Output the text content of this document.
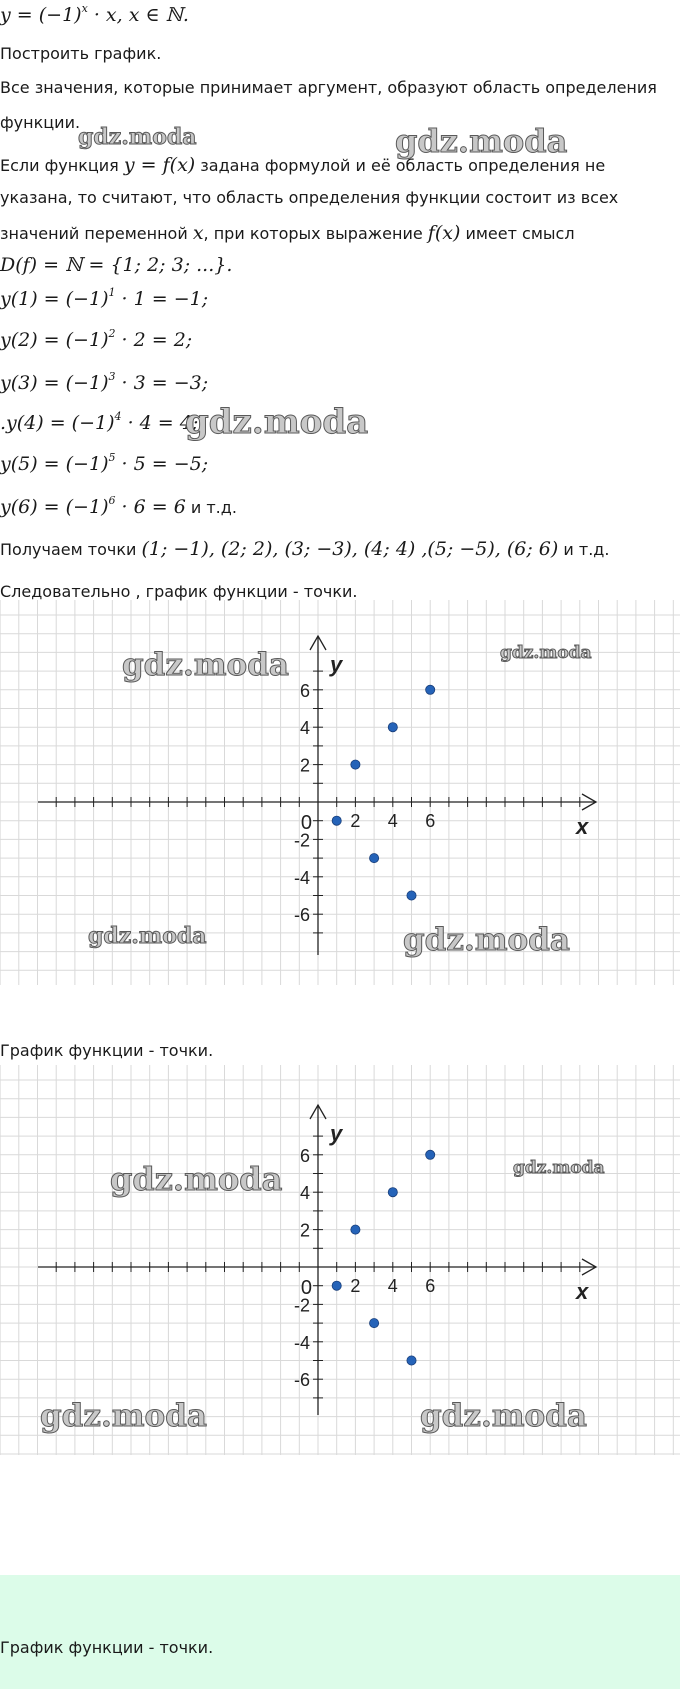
$y = (-1)^x \cdot x$, x ∈ ℕ.
Построить график.
Все значения, которые принимает аргумент, образуют область определения
функции.
Если функция y = f(x) задана формулой и её область определения не
указана, то считают, что область определения функции состоит из всех
значений переменной x, при которых выражение f(x) имеет смысл
D(f) = ℕ = {1; 2; 3; ...}.
$y(1) = (-1)^1 \cdot 1 = -1$;
$y(2) = (-1)^2 \cdot 2 = 2$;
$y(3) = (-1)^3 \cdot 3 = -3$;
$.y(4) = (-1)^4 \cdot 4 = 4$;
$y(5) = (-1)^5 \cdot 5 = -5$;
$y(6) = (-1)^6 \cdot 6 = 6$ и т.д.
Получаем точки (1; −1), (2; 2), (3; −3), (4; 4) ,(5; −5), (6; 6) и т.д.
Следовательно , график функции - точки.
gdz.moda	gdz.moda
gdz.moda
2 4 6
6
4
2
-2
-4
-6
0	x
y
gdz.moda	gdz.moda
gdz.moda	gdz.moda
График функции - точки.
2 4 6
6
4
2
-2
-4
-6
0	x
y
gdz.moda	gdz.moda
gdz.moda	gdz.moda
График функции - точки.
